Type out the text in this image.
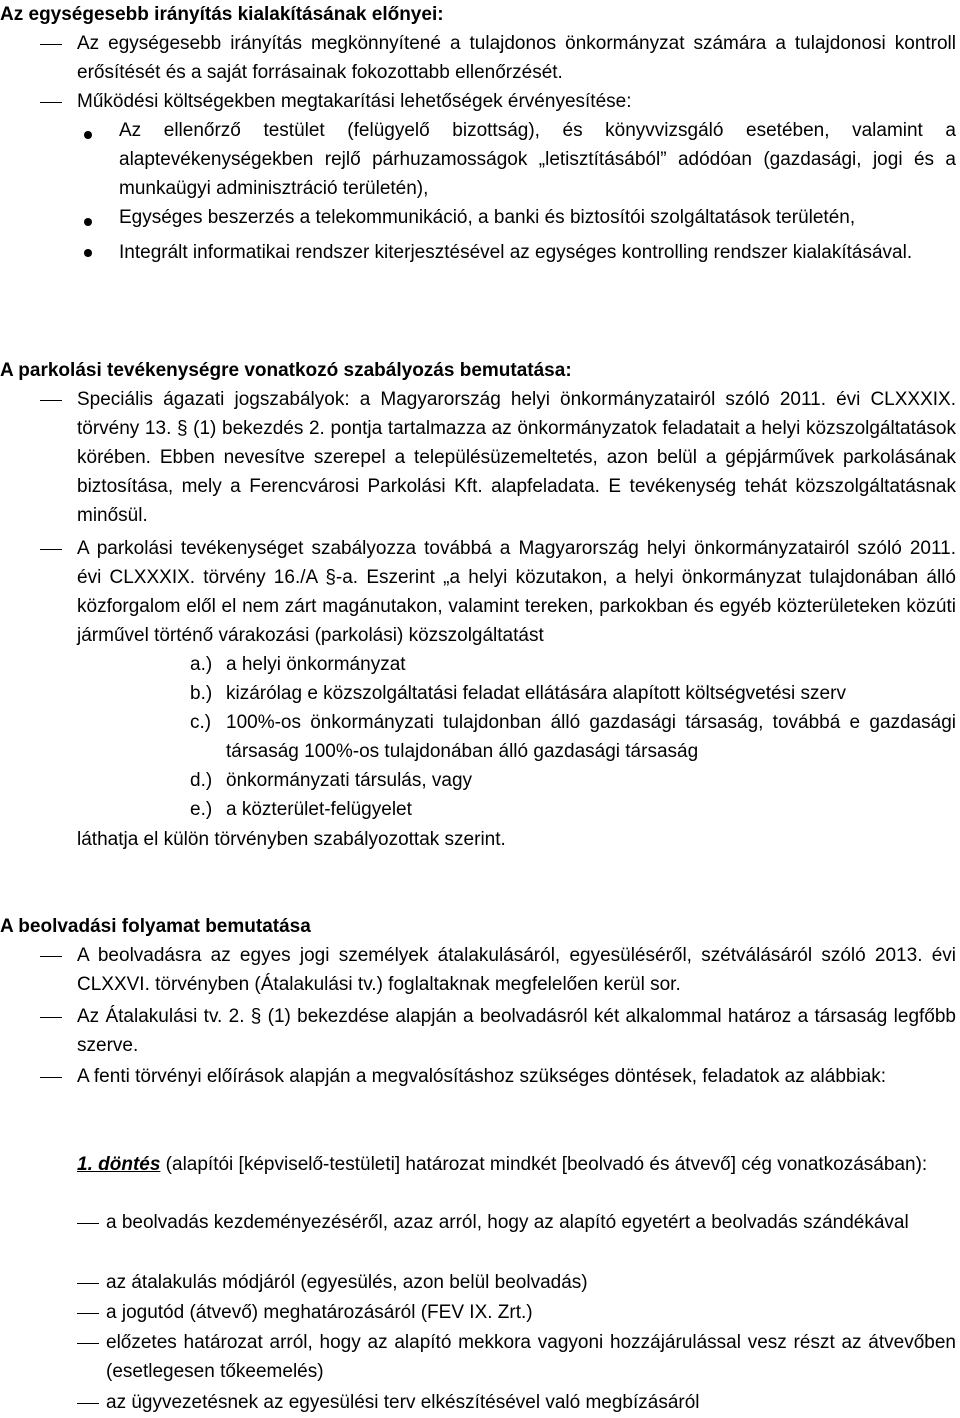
Az egységesebb irányítás kialakításának előnyei:
Az egységesebb irányítás megkönnyítené a tulajdonos önkormányzat számára a tulajdonosi kontroll erősítését és a saját forrásainak fokozottabb ellenőrzését.
Működési költségekben megtakarítási lehetőségek érvényesítése:
Az ellenőrző testület (felügyelő bizottság), és könyvvizsgáló esetében, valamint a alaptevékenységekben rejlő párhuzamosságok „letisztításából” adódóan (gazdasági, jogi és a munkaügyi adminisztráció területén),
Egységes beszerzés a telekommunikáció, a banki és biztosítói szolgáltatások területén,
Integrált informatikai rendszer kiterjesztésével az egységes kontrolling rendszer kialakításával.
A parkolási tevékenységre vonatkozó szabályozás bemutatása:
Speciális ágazati jogszabályok: a Magyarország helyi önkormányzatairól szóló 2011. évi CLXXXIX. törvény 13. § (1) bekezdés 2. pontja tartalmazza az önkormányzatok feladatait a helyi közszolgáltatások körében. Ebben nevesítve szerepel a településüzemeltetés, azon belül a gépjárművek parkolásának biztosítása, mely a Ferencvárosi Parkolási Kft. alapfeladata. E tevékenység tehát közszolgáltatásnak minősül.
A parkolási tevékenységet szabályozza továbbá a Magyarország helyi önkormányzatairól szóló 2011. évi CLXXXIX. törvény 16./A §-a. Eszerint „a helyi közutakon, a helyi önkormányzat tulajdonában álló közforgalom elől el nem zárt magánutakon, valamint tereken, parkokban és egyéb közterületeken közúti járművel történő várakozási (parkolási) közszolgáltatást
a.) a helyi önkormányzat
b.) kizárólag e közszolgáltatási feladat ellátására alapított költségvetési szerv
c.) 100%-os önkormányzati tulajdonban álló gazdasági társaság, továbbá e gazdasági társaság 100%-os tulajdonában álló gazdasági társaság
d.) önkormányzati társulás, vagy
e.) a közterület-felügyelet
láthatja el külön törvényben szabályozottak szerint.
A beolvadási folyamat bemutatása
A beolvadásra az egyes jogi személyek átalakulásáról, egyesüléséről, szétválásáról szóló 2013. évi CLXXVI. törvényben (Átalakulási tv.) foglaltaknak megfelelően kerül sor.
Az Átalakulási tv. 2. § (1) bekezdése alapján a beolvadásról két alkalommal határoz a társaság legfőbb szerve.
A fenti törvényi előírások alapján a megvalósításhoz szükséges döntések, feladatok az alábbiak:
1. döntés (alapítói [képviselő-testületi] határozat mindkét [beolvadó és átvevő] cég vonatkozásában):
a beolvadás kezdeményezéséről, azaz arról, hogy az alapító egyetért a beolvadás szándékával
az átalakulás módjáról (egyesülés, azon belül beolvadás)
a jogutód (átvevő) meghatározásáról (FEV IX. Zrt.)
előzetes határozat arról, hogy az alapító mekkora vagyoni hozzájárulással vesz részt az átvevőben (esetlegesen tőkeemelés)
az ügyvezetésnek az egyesülési terv elkészítésével való megbízásáról
